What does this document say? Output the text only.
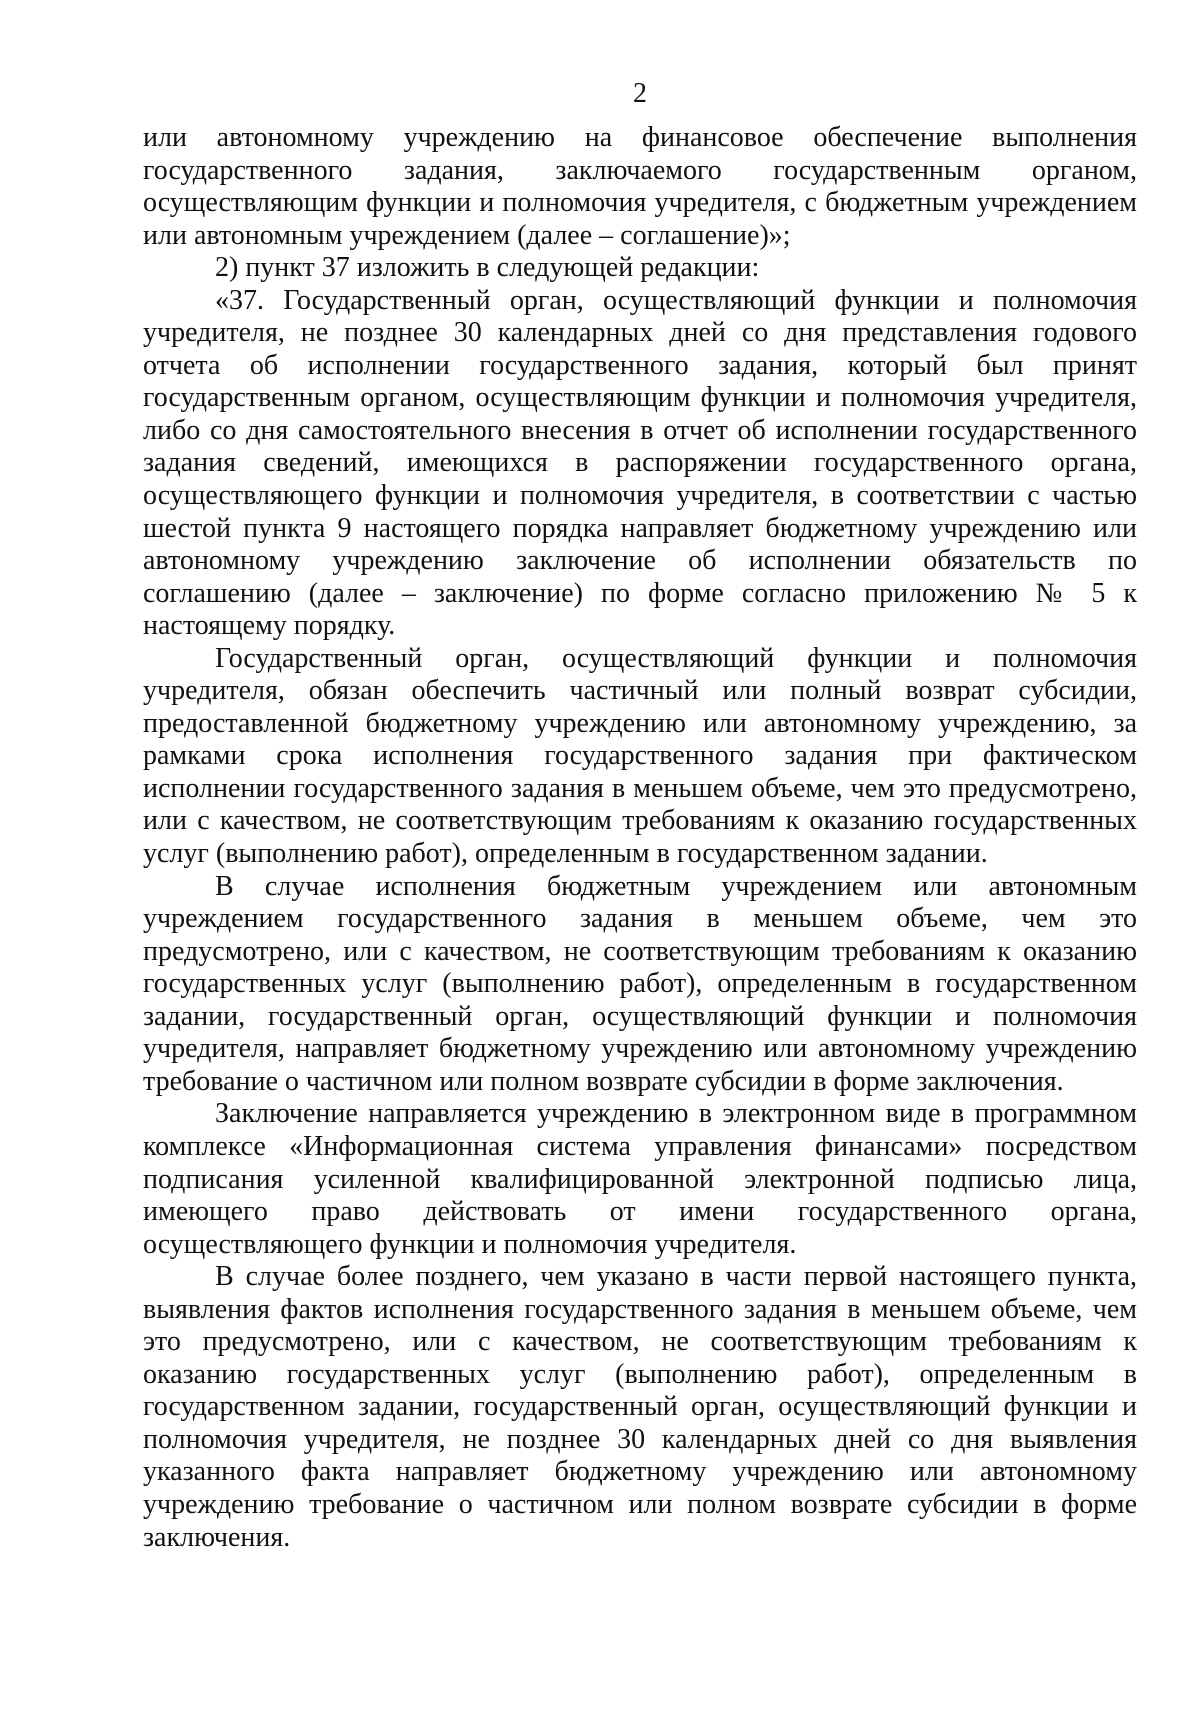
2

или автономному учреждению на финансовое обеспечение выполнения государственного задания, заключаемого государственным органом, осуществляющим функции и полномочия учредителя, с бюджетным учреждением или автономным учреждением (далее – соглашение)»;

2) пункт 37 изложить в следующей редакции:

«37. Государственный орган, осуществляющий функции и полномочия учредителя, не позднее 30 календарных дней со дня представления годового отчета об исполнении государственного задания, который был принят государственным органом, осуществляющим функции и полномочия учредителя, либо со дня самостоятельного внесения в отчет об исполнении государственного задания сведений, имеющихся в распоряжении государственного органа, осуществляющего функции и полномочия учредителя, в соответствии с частью шестой пункта 9 настоящего порядка направляет бюджетному учреждению или автономному учреждению заключение об исполнении обязательств по соглашению (далее – заключение) по форме согласно приложению № 5 к настоящему порядку.

Государственный орган, осуществляющий функции и полномочия учредителя, обязан обеспечить частичный или полный возврат субсидии, предоставленной бюджетному учреждению или автономному учреждению, за рамками срока исполнения государственного задания при фактическом исполнении государственного задания в меньшем объеме, чем это предусмотрено, или с качеством, не соответствующим требованиям к оказанию государственных услуг (выполнению работ), определенным в государственном задании.

В случае исполнения бюджетным учреждением или автономным учреждением государственного задания в меньшем объеме, чем это предусмотрено, или с качеством, не соответствующим требованиям к оказанию государственных услуг (выполнению работ), определенным в государственном задании, государственный орган, осуществляющий функции и полномочия учредителя, направляет бюджетному учреждению или автономному учреждению требование о частичном или полном возврате субсидии в форме заключения.

Заключение направляется учреждению в электронном виде в программном комплексе «Информационная система управления финансами» посредством подписания усиленной квалифицированной электронной подписью лица, имеющего право действовать от имени государственного органа, осуществляющего функции и полномочия учредителя.

В случае более позднего, чем указано в части первой настоящего пункта, выявления фактов исполнения государственного задания в меньшем объеме, чем это предусмотрено, или с качеством, не соответствующим требованиям к оказанию государственных услуг (выполнению работ), определенным в государственном задании, государственный орган, осуществляющий функции и полномочия учредителя, не позднее 30 календарных дней со дня выявления указанного факта направляет бюджетному учреждению или автономному учреждению требование о частичном или полном возврате субсидии в форме заключения.
